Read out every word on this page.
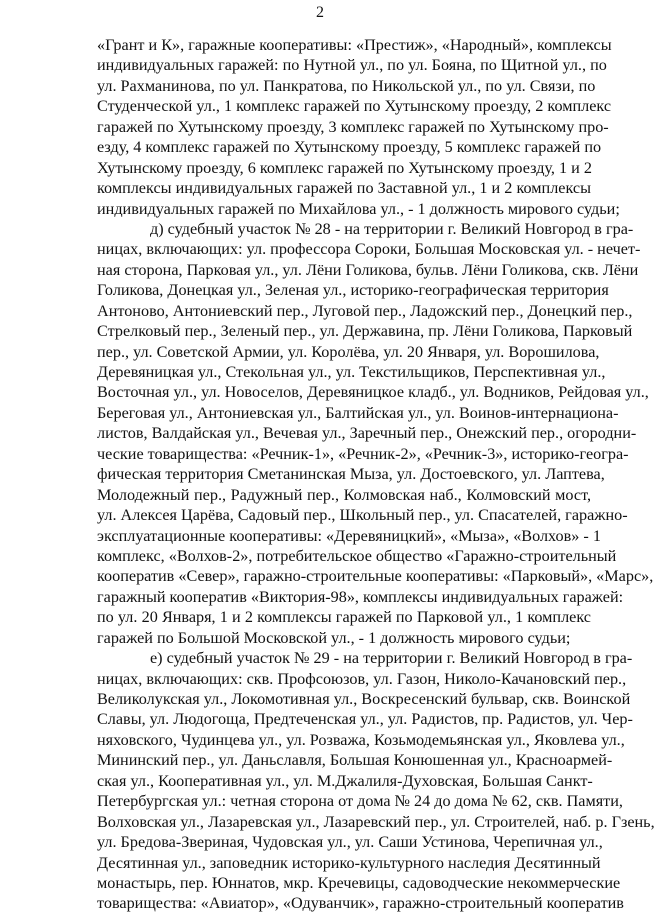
2
«Грант и К», гаражные кооперативы: «Престиж», «Народный», комплексы
индивидуальных гаражей: по Нутной ул., по ул. Бояна, по Щитной ул., по
ул. Рахманинова, по ул. Панкратова, по Никольской ул., по ул. Связи, по
Студенческой ул., 1 комплекс гаражей по Хутынскому проезду, 2 комплекс
гаражей по Хутынскому проезду, 3 комплекс гаражей по Хутынскому про-
езду, 4 комплекс гаражей по Хутынскому проезду, 5 комплекс гаражей по
Хутынскому проезду, 6 комплекс гаражей по Хутынскому проезду, 1 и 2
комплексы индивидуальных гаражей по Заставной ул., 1 и 2 комплексы
индивидуальных гаражей по Михайлова ул., - 1 должность мирового судьи;
д) судебный участок № 28 - на территории г. Великий Новгород в гра-
ницах, включающих: ул. профессора Сороки, Большая Московская ул. - нечет-
ная сторона, Парковая ул., ул. Лёни Голикова, бульв. Лёни Голикова, скв. Лёни
Голикова, Донецкая ул., Зеленая ул., историко-географическая территория
Антоново, Антониевский пер., Луговой пер., Ладожский пер., Донецкий пер.,
Стрелковый пер., Зеленый пер., ул. Державина, пр. Лёни Голикова, Парковый
пер., ул. Советской Армии, ул. Королёва, ул. 20 Января, ул. Ворошилова,
Деревяницкая ул., Стекольная ул., ул. Текстильщиков, Перспективная ул.,
Восточная ул., ул. Новоселов, Деревяницкое кладб., ул. Водников, Рейдовая ул.,
Береговая ул., Антониевская ул., Балтийская ул., ул. Воинов-интернациона-
листов, Валдайская ул., Вечевая ул., Заречный пер., Онежский пер., огородни-
ческие товарищества: «Речник-1», «Речник-2», «Речник-3», историко-геогра-
фическая территория Сметанинская Мыза, ул. Достоевского, ул. Лаптева,
Молодежный пер., Радужный пер., Колмовская наб., Колмовский мост,
ул. Алексея Царёва, Садовый пер., Школьный пер., ул. Спасателей, гаражно-
эксплуатационные кооперативы: «Деревяницкий», «Мыза», «Волхов» - 1
комплекс, «Волхов-2», потребительское общество «Гаражно-строительный
кооператив «Север», гаражно-строительные кооперативы: «Парковый», «Марс»,
гаражный кооператив «Виктория-98», комплексы индивидуальных гаражей:
по ул. 20 Января, 1 и 2 комплексы гаражей по Парковой ул., 1 комплекс
гаражей по Большой Московской ул., - 1 должность мирового судьи;
е) судебный участок № 29 - на территории г. Великий Новгород в гра-
ницах, включающих: скв. Профсоюзов, ул. Газон, Николо-Качановский пер.,
Великолукская ул., Локомотивная ул., Воскресенский бульвар, скв. Воинской
Славы, ул. Людогоща, Предтеченская ул., ул. Радистов, пр. Радистов, ул. Чер-
няховского, Чудинцева ул., ул. Розважа, Козьмодемьянская ул., Яковлева ул.,
Мининский пер., ул. Даньславля, Большая Конюшенная ул., Красноармей-
ская ул., Кооперативная ул., ул. М.Джалиля-Духовская, Большая Санкт-
Петербургская ул.: четная сторона от дома № 24 до дома № 62, скв. Памяти,
Волховская ул., Лазаревская ул., Лазаревский пер., ул. Строителей, наб. р. Гзень,
ул. Бредова-Звериная, Чудовская ул., ул. Саши Устинова, Черепичная ул.,
Десятинная ул., заповедник историко-культурного наследия Десятинный
монастырь, пер. Юннатов, мкр. Кречевицы, садоводческие некоммерческие
товарищества: «Авиатор», «Одуванчик», гаражно-строительный кооператив
